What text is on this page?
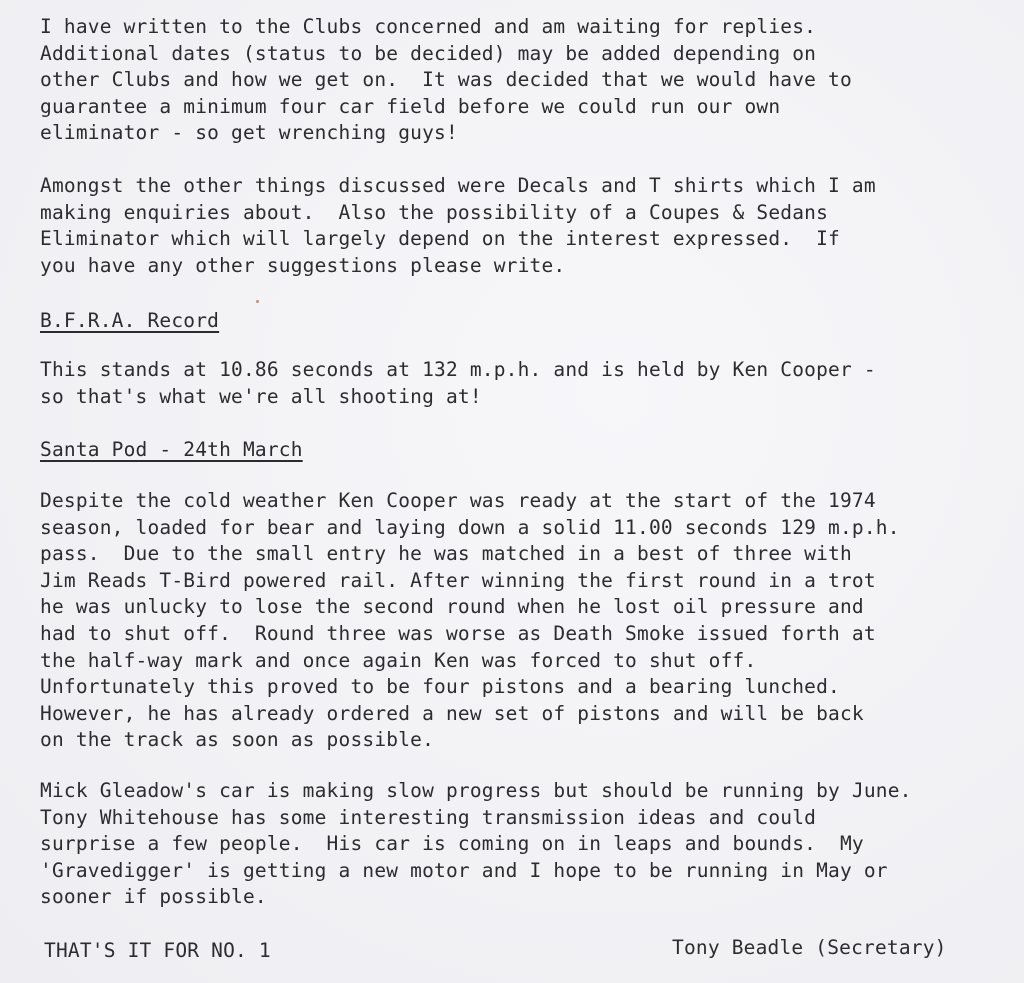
I have written to the Clubs concerned and am waiting for replies.
Additional dates (status to be decided) may be added depending on
other Clubs and how we get on.  It was decided that we would have to
guarantee a minimum four car field before we could run our own
eliminator - so get wrenching guys!
Amongst the other things discussed were Decals and T shirts which I am
making enquiries about.  Also the possibility of a Coupes & Sedans
Eliminator which will largely depend on the interest expressed.  If
you have any other suggestions please write.
B.F.R.A. Record
This stands at 10.86 seconds at 132 m.p.h. and is held by Ken Cooper -
so that's what we're all shooting at!
Santa Pod - 24th March
Despite the cold weather Ken Cooper was ready at the start of the 1974
season, loaded for bear and laying down a solid 11.00 seconds 129 m.p.h.
pass.  Due to the small entry he was matched in a best of three with
Jim Reads T-Bird powered rail. After winning the first round in a trot
he was unlucky to lose the second round when he lost oil pressure and
had to shut off.  Round three was worse as Death Smoke issued forth at
the half-way mark and once again Ken was forced to shut off.
Unfortunately this proved to be four pistons and a bearing lunched.
However, he has already ordered a new set of pistons and will be back
on the track as soon as possible.
Mick Gleadow's car is making slow progress but should be running by June.
Tony Whitehouse has some interesting transmission ideas and could
surprise a few people.  His car is coming on in leaps and bounds.  My
'Gravedigger' is getting a new motor and I hope to be running in May or
sooner if possible.
THAT'S IT FOR NO. 1	Tony Beadle (Secretary)
